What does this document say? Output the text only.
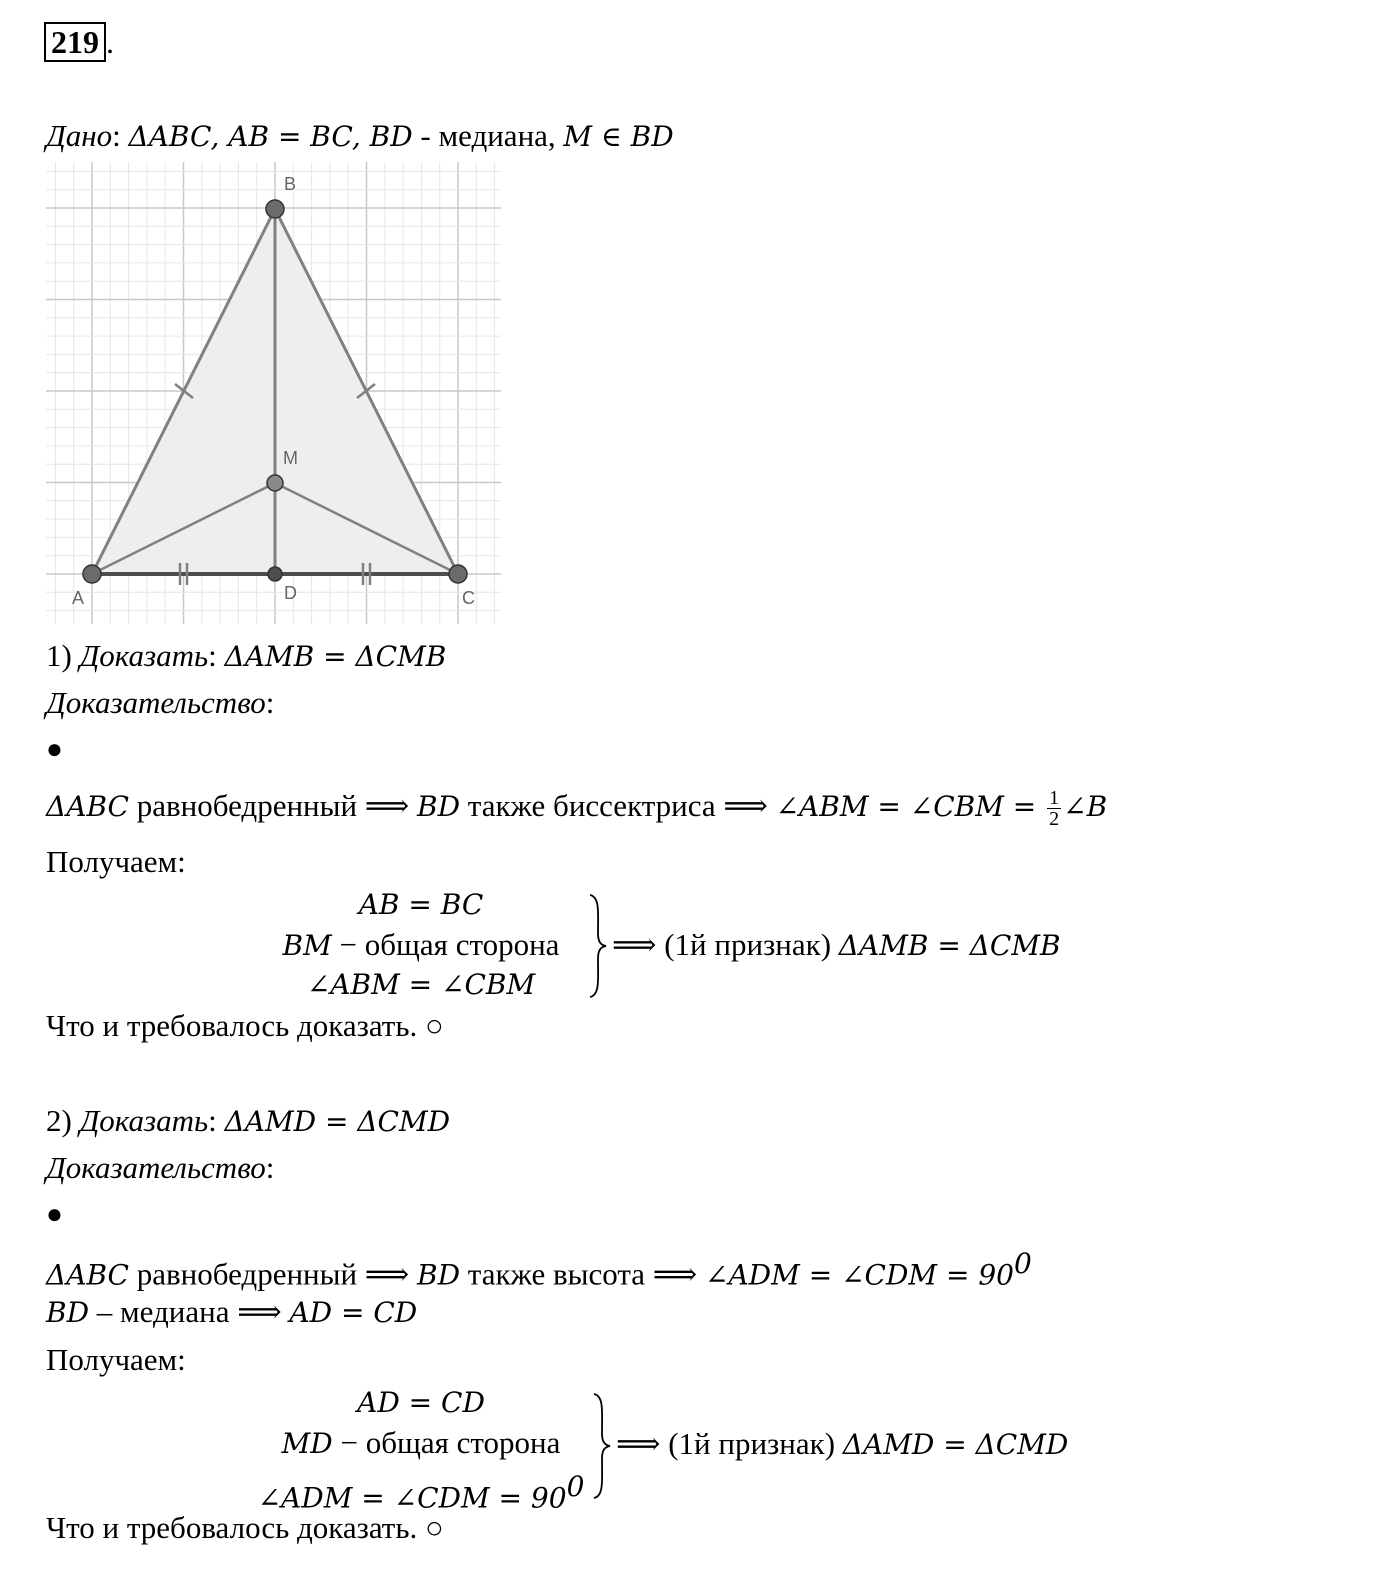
219 .
Дано: ΔABC, AB = BC, BD - медиана, M ∈ BD
A
B
C
D
M
1) Доказать: ΔAMB = ΔCMB
Доказательство:
●
ΔABC равнобедренный ⟹ BD также биссектриса ⟹ ∠ABM = ∠CBM = $\frac{1}{2}$ ∠B
Получаем:
AB = BC
BM − общая сторона
∠ABM = ∠CBM
⟹ (1й признак) ΔAMB = ΔCMB
Что и требовалось доказать. ○
2) Доказать: ΔAMD = ΔCMD
Доказательство:
●
ΔABC равнобедренный ⟹ BD также высота ⟹ ∠ADM = ∠CDM = $90^0$
BD – медиана ⟹ AD = CD
Получаем:
AD = CD
MD − общая сторона
∠ADM = ∠CDM = $90^0$
⟹ (1й признак) ΔAMD = ΔCMD
Что и требовалось доказать. ○
